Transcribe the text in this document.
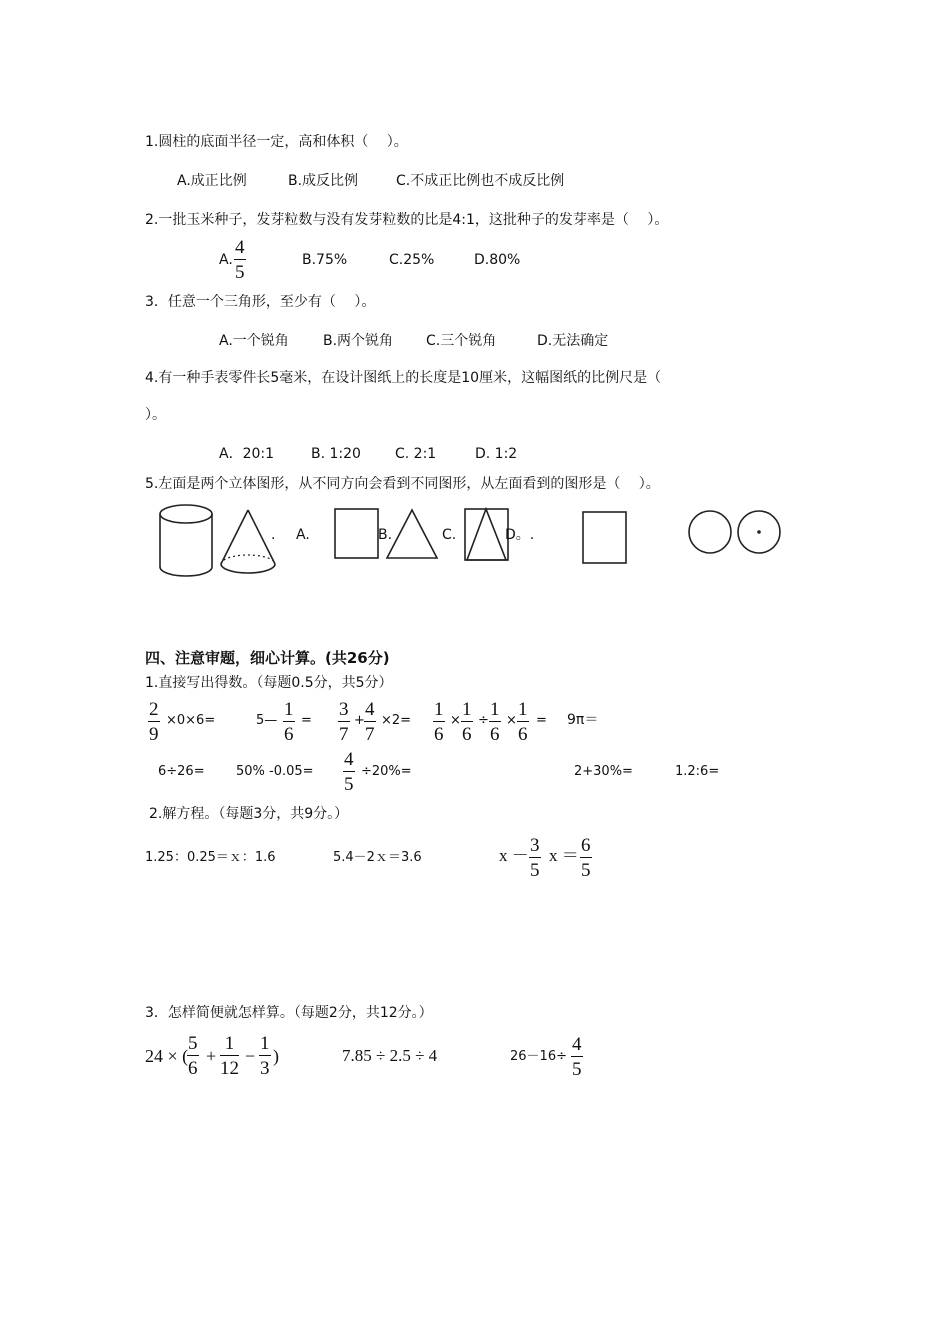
1.圆柱的底面半径一定，高和体积（　 ）。
A.成正比例	B.成反比例	C.不成正比例也不成反比例
2.一批玉米种子，发芽粒数与没有发芽粒数的比是4:1，这批种子的发芽率是（　 ）。
A. $\frac{4}{5}$	B.75%	C.25%	D.80%
3．任意一个三角形，至少有（　 ）。
A.一个锐角 B.两个锐角 C.三个锐角	D.无法确定
4.有一种手表零件长5毫米，在设计图纸上的长度是10厘米，这幅图纸的比例尺是（
）。
A．20:1	B. 1:20 C. 2:1	D. 1:2
5.左面是两个立体图形，从不同方向会看到不同图形，从左面看到的图形是（　 ）。
. A.	B.	C.	D。.
四、注意审题，细心计算。(共26分)
1.直接写出得数。（每题0.5分，共5分）
$\frac{2}{9} \times 0\times 6=$	5— $\frac{1}{6} = \frac{3}{7} + \frac{4}{7} \times 2= \frac{1}{6} \times \frac{1}{6} \div \frac{1}{6} \times \frac{1}{6} = 9\pi=$
6÷26= 50% $-0.05= \frac{4}{5} \div 20\%=$	2+30%=	1.2:6=
2.解方程。（每题3分，共9分。）
1.25：0.25＝ｘ：1.6	5.4－2ｘ＝3.6	$x - \frac{3}{5}$ $x = \frac{6}{5}$
3．怎样简便就怎样算。（每题2分，共12分。）
24 × (
$\frac{5}{6} + \frac{1}{12} - \frac{1}{3}$ )	7.85 ÷ 2.5 ÷ 4	$26-16\div \frac{4}{5}$
